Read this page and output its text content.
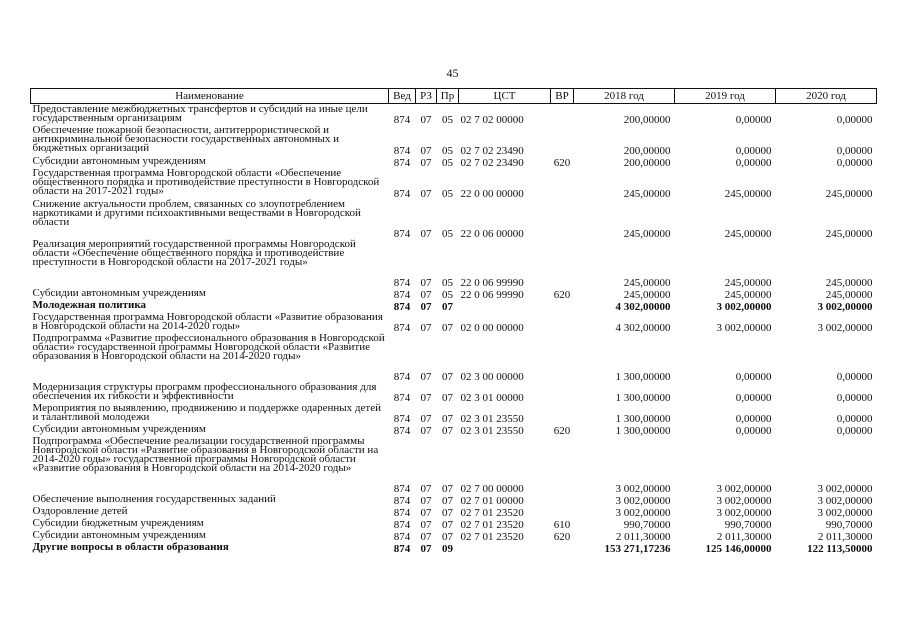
45
Наименование	Вед	РЗ	Пр	ЦСТ	ВР	2018 год	2019 год	2020 год
Предоставление межбюджетных трансфертов и субсидий на иные цели государственным организациям	874	07	05	02 7 02 00000		200,00000	0,00000	0,00000
Обеспечение пожарной безопасности, антитеррористической и антикриминальной безопасности государственных автономных и бюджетных организаций	874	07	05	02 7 02 23490		200,00000	0,00000	0,00000
Субсидии автономным учреждениям	874	07	05	02 7 02 23490	620	200,00000	0,00000	0,00000
Государственная программа Новгородской области «Обеспечение общественного порядка и противодействие преступности в Новгородской области на 2017-2021 годы»	874	07	05	22 0 00 00000		245,00000	245,00000	245,00000
Снижение актуальности проблем, связанных со злоупотреблением наркотиками и другими психоактивными веществами в Новгородской области	874	07	05	22 0 06 00000		245,00000	245,00000	245,00000
Реализация мероприятий государственной программы Новгородской области «Обеспечение общественного порядка и противодействие преступности в Новгородской области на 2017-2021 годы»	874	07	05	22 0 06 99990		245,00000	245,00000	245,00000
Субсидии автономным учреждениям	874	07	05	22 0 06 99990	620	245,00000	245,00000	245,00000
Молодежная политика	874	07	07			4 302,00000	3 002,00000	3 002,00000
Государственная программа Новгородской области «Развитие образования в Новгородской области на 2014-2020 годы»	874	07	07	02 0 00 00000		4 302,00000	3 002,00000	3 002,00000
Подпрограмма «Развитие профессионального образования в Новгородской области» государственной программы Новгородской области «Развитие образования в Новгородской области на 2014-2020 годы»	874	07	07	02 3 00 00000		1 300,00000	0,00000	0,00000
Модернизация структуры программ профессионального образования для обеспечения их гибкости и эффективности	874	07	07	02 3 01 00000		1 300,00000	0,00000	0,00000
Мероприятия по выявлению, продвижению и поддержке одаренных детей и талантливой молодежи	874	07	07	02 3 01 23550		1 300,00000	0,00000	0,00000
Субсидии автономным учреждениям	874	07	07	02 3 01 23550	620	1 300,00000	0,00000	0,00000
Подпрограмма «Обеспечение реализации государственной программы Новгородской области «Развитие образования в Новгородской области на 2014-2020 годы» государственной программы Новгородской области «Развитие образования в Новгородской области на 2014-2020 годы»	874	07	07	02 7 00 00000		3 002,00000	3 002,00000	3 002,00000
Обеспечение выполнения государственных заданий	874	07	07	02 7 01 00000		3 002,00000	3 002,00000	3 002,00000
Оздоровление детей	874	07	07	02 7 01 23520		3 002,00000	3 002,00000	3 002,00000
Субсидии бюджетным учреждениям	874	07	07	02 7 01 23520	610	990,70000	990,70000	990,70000
Субсидии автономным учреждениям	874	07	07	02 7 01 23520	620	2 011,30000	2 011,30000	2 011,30000
Другие вопросы в области образования	874	07	09			153 271,17236	125 146,00000	122 113,50000
